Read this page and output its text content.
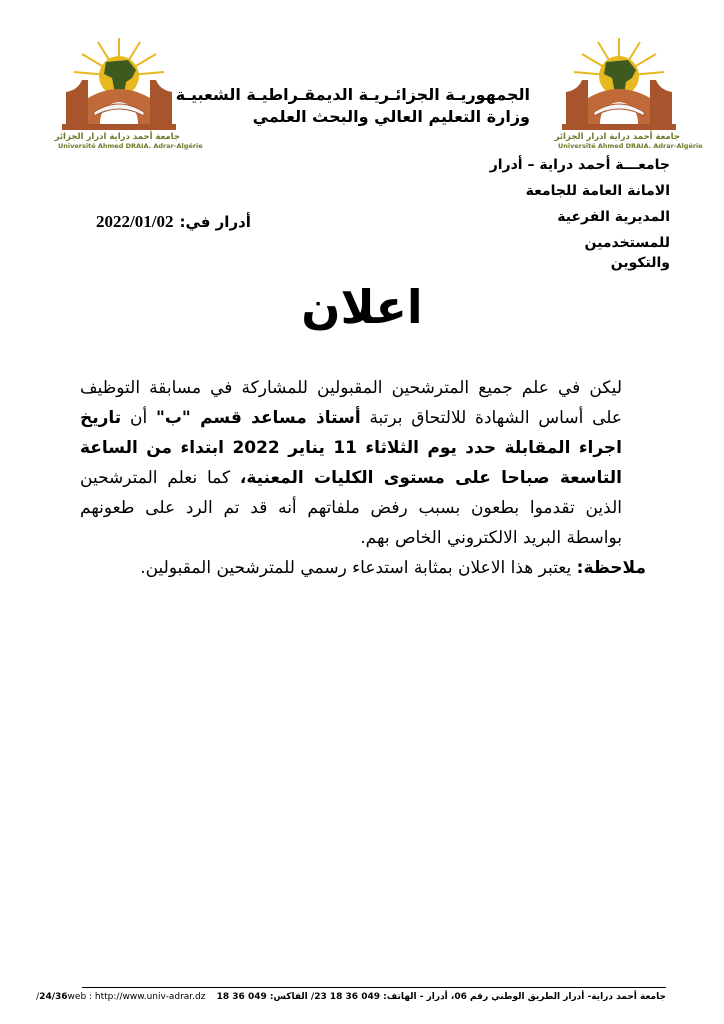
جامعة أحمد دراية ادرار الجزائر
Université Ahmed DRAIA. Adrar-Algérie
جامعة أحمد دراية ادرار الجزائر
Université Ahmed DRAIA. Adrar-Algérie
الجمهوريـة الجزائـريـة الديمقـراطيـة الشعبيـة
وزارة التعليم العالي والبحث العلمي
جامعـــة أحمد دراية – أدرار
الامانة العامة للجامعة
المديرية الفرعية للمستخدمين
والتكوين
أدرار في:2022/01/02
اعلان

ليكن في علم جميع المترشحين المقبولين للمشاركة في مسابقة التوظيف على أساس الشهادة للالتحاق برتبة أستاذ مساعد قسم "ب" أن تاريخ اجراء المقابلة حدد يوم الثلاثاء 11 يناير 2022 ابتداء من الساعة التاسعة صباحا على مستوى الكليات المعنية، كما نعلم المترشحين الذين تقدموا بطعون بسبب رفض ملفاتهم أنه قد تم الرد على طعونهم بواسطة البريد الالكتروني الخاص بهم.

ملاحظة: يعتبر هذا الاعلان بمثابة استدعاء رسمي للمترشحين المقبولين.

جامعة أحمد دراية- أدرار الطريق الوطني رقم 06، أدرار - الهاتف: 049 36 18 23/ الفاكس: 049 36 18 24/36web : http://www.univ-adrar.dz/
